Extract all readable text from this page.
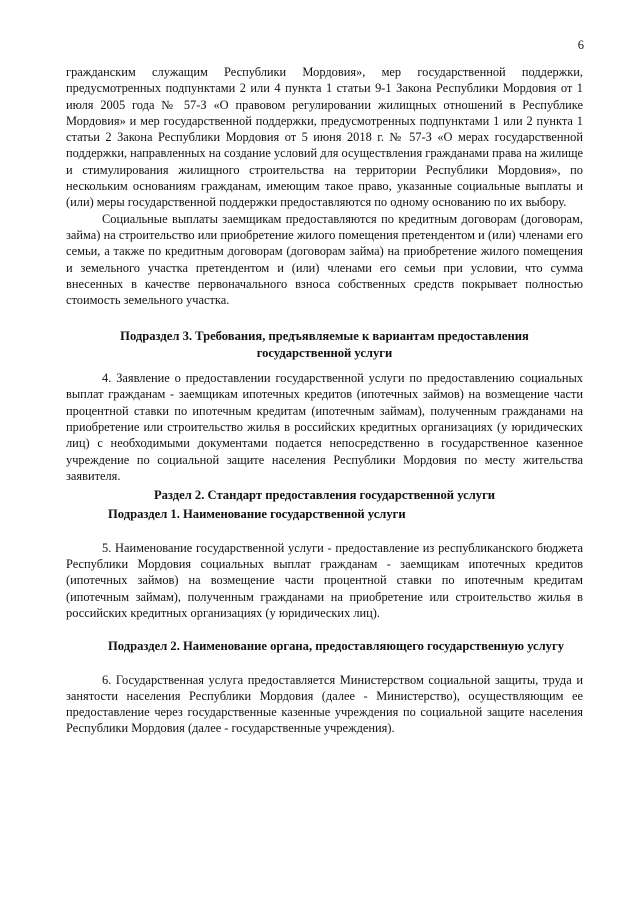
6

гражданским служащим Республики Мордовия», мер государственной поддержки, предусмотренных подпунктами 2 или 4 пункта 1 статьи 9-1 Закона Республики Мордовия от 1 июля 2005 года № 57-З «О правовом регулировании жилищных отношений в Республике Мордовия» и мер государственной поддержки, предусмотренных подпунктами 1 или 2 пункта 1 статьи 2 Закона Республики Мордовия от 5 июня 2018 г. № 57-З «О мерах государственной поддержки, направленных на создание условий для осуществления гражданами права на жилище и стимулирования жилищного строительства на территории Республики Мордовия», по нескольким основаниям гражданам, имеющим такое право, указанные социальные выплаты и (или) меры государственной поддержки предоставляются по одному основанию по их выбору.

Социальные выплаты заемщикам предоставляются по кредитным договорам (договорам, займа) на строительство или приобретение жилого помещения претендентом и (или) членами его семьи, а также по кредитным договорам (договорам займа) на приобретение жилого помещения и земельного участка претендентом и (или) членами его семьи при условии, что сумма внесенных в качестве первоначального взноса собственных средств покрывает полностью стоимость земельного участка.

Подраздел 3. Требования, предъявляемые к вариантам предоставления

государственной услуги

4. Заявление о предоставлении государственной услуги по предоставлению социальных выплат гражданам - заемщикам ипотечных кредитов (ипотечных займов) на возмещение части процентной ставки по ипотечным кредитам (ипотечным займам), полученным гражданами на приобретение или строительство жилья в российских кредитных организациях (у юридических лиц) с необходимыми документами подается непосредственно в государственное казенное учреждение по социальной защите населения Республики Мордовия по месту жительства заявителя.

Раздел 2. Стандарт предоставления государственной услуги

Подраздел 1. Наименование государственной услуги

5. Наименование государственной услуги - предоставление из республиканского бюджета Республики Мордовия социальных выплат гражданам - заемщикам ипотечных кредитов (ипотечных займов) на возмещение части процентной ставки по ипотечным кредитам (ипотечным займам), полученным гражданами на приобретение или строительство жилья в российских кредитных организациях (у юридических лиц).

Подраздел 2. Наименование органа, предоставляющего государственную услугу

6. Государственная услуга предоставляется Министерством социальной защиты, труда и занятости населения Республики Мордовия (далее - Министерство), осуществляющим ее предоставление через государственные казенные учреждения по социальной защите населения Республики Мордовия (далее - государственные учреждения).
